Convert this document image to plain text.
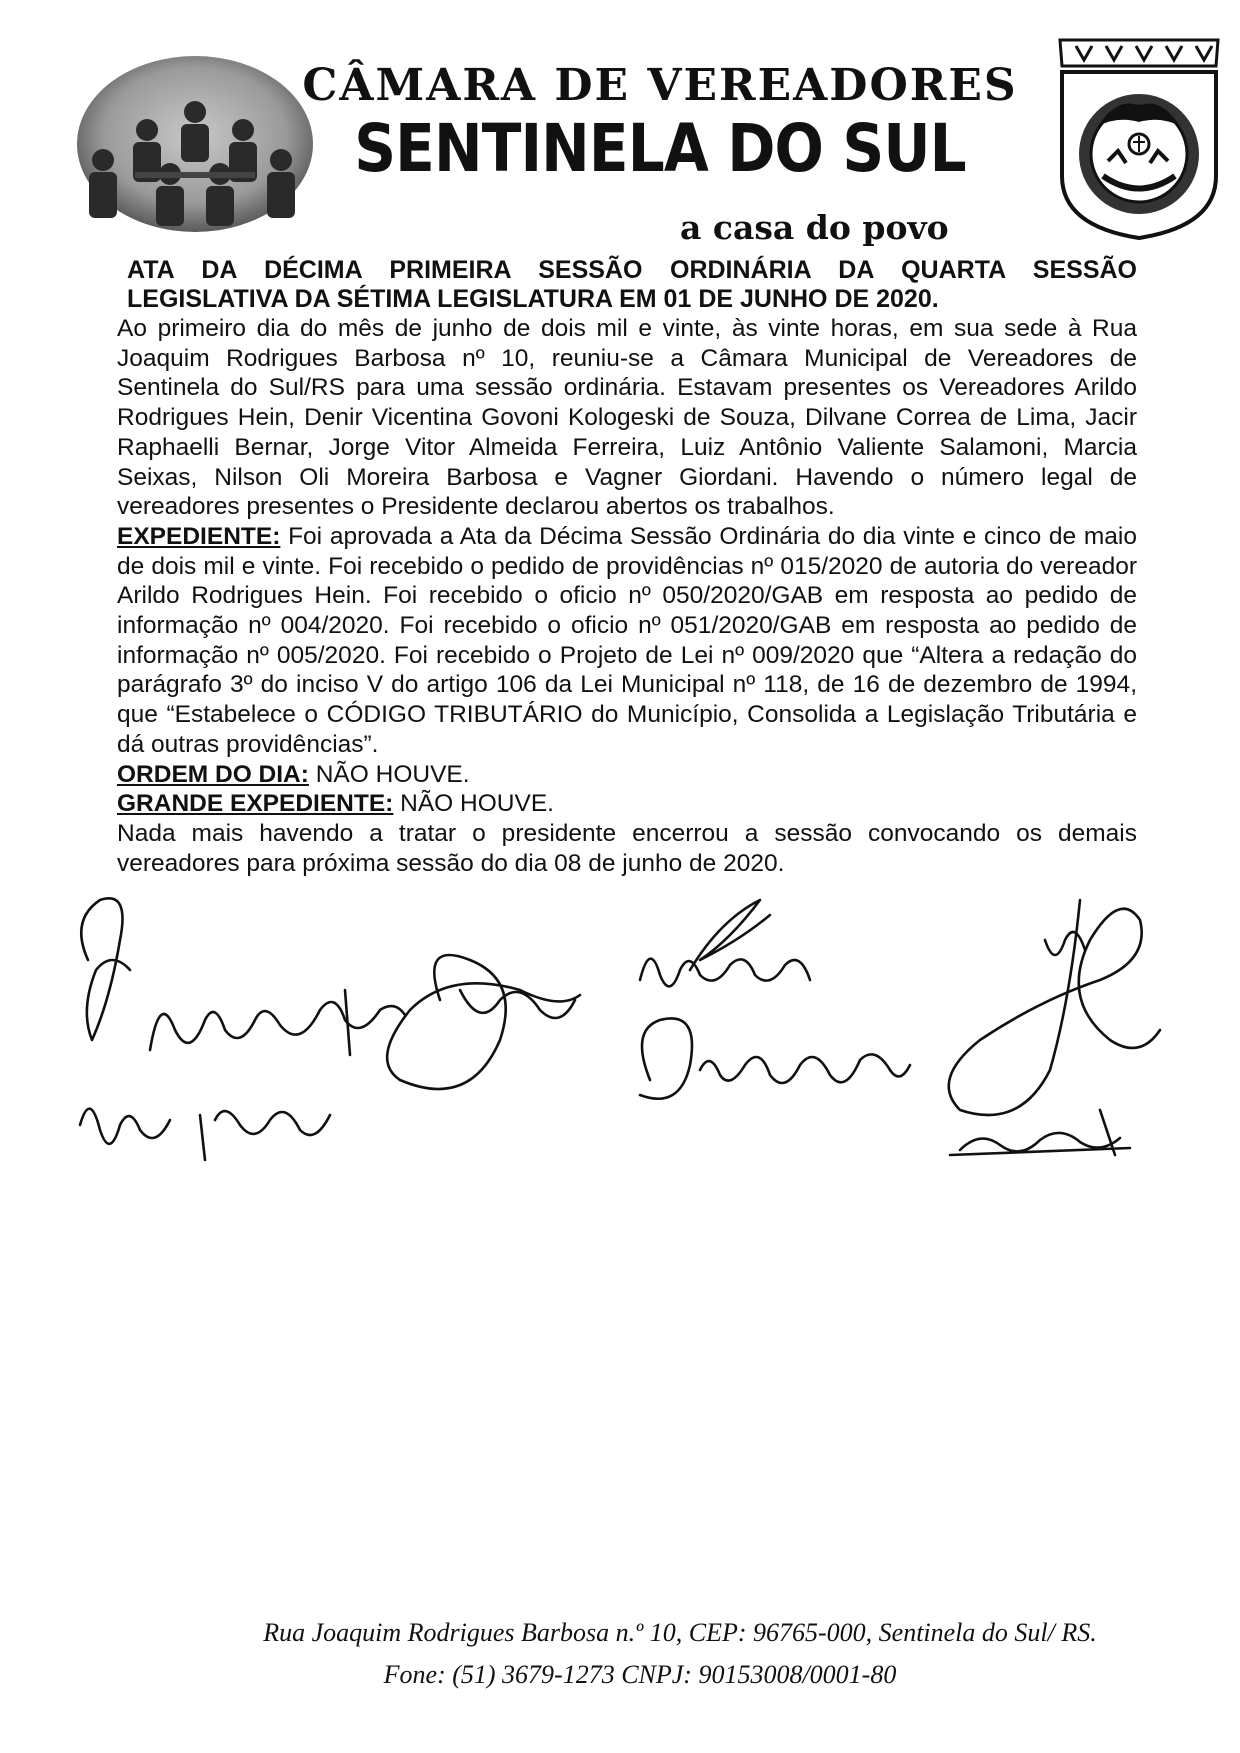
CÂMARA DE VEREADORES
SENTINELA DO SUL
a casa do povo

ATA DA DÉCIMA PRIMEIRA SESSÃO ORDINÁRIA DA QUARTA SESSÃO LEGISLATIVA DA SÉTIMA LEGISLATURA EM 01 DE JUNHO DE 2020.

Ao primeiro dia do mês de junho de dois mil e vinte, às vinte horas, em sua sede à Rua Joaquim Rodrigues Barbosa nº 10, reuniu-se a Câmara Municipal de Vereadores de Sentinela do Sul/RS para uma sessão ordinária. Estavam presentes os Vereadores Arildo Rodrigues Hein, Denir Vicentina Govoni Kologeski de Souza, Dilvane Correa de Lima, Jacir Raphaelli Bernar, Jorge Vitor Almeida Ferreira, Luiz Antônio Valiente Salamoni, Marcia Seixas, Nilson Oli Moreira Barbosa e Vagner Giordani. Havendo o número legal de vereadores presentes o Presidente declarou abertos os trabalhos.

EXPEDIENTE: Foi aprovada a Ata da Décima Sessão Ordinária do dia vinte e cinco de maio de dois mil e vinte. Foi recebido o pedido de providências nº 015/2020 de autoria do vereador Arildo Rodrigues Hein. Foi recebido o oficio nº 050/2020/GAB em resposta ao pedido de informação nº 004/2020. Foi recebido o oficio nº 051/2020/GAB em resposta ao pedido de informação nº 005/2020. Foi recebido o Projeto de Lei nº 009/2020 que “Altera a redação do parágrafo 3º do inciso V do artigo 106 da Lei Municipal nº 118, de 16 de dezembro de 1994, que “Estabelece o CÓDIGO TRIBUTÁRIO do Município, Consolida a Legislação Tributária e dá outras providências”.

ORDEM DO DIA: NÃO HOUVE.

GRANDE EXPEDIENTE: NÃO HOUVE.

Nada mais havendo a tratar o presidente encerrou a sessão convocando os demais vereadores para próxima sessão do dia 08 de junho de 2020.

Rua Joaquim Rodrigues Barbosa n.º 10, CEP: 96765-000, Sentinela do Sul/ RS.
Fone: (51) 3679-1273 CNPJ: 90153008/0001-80
